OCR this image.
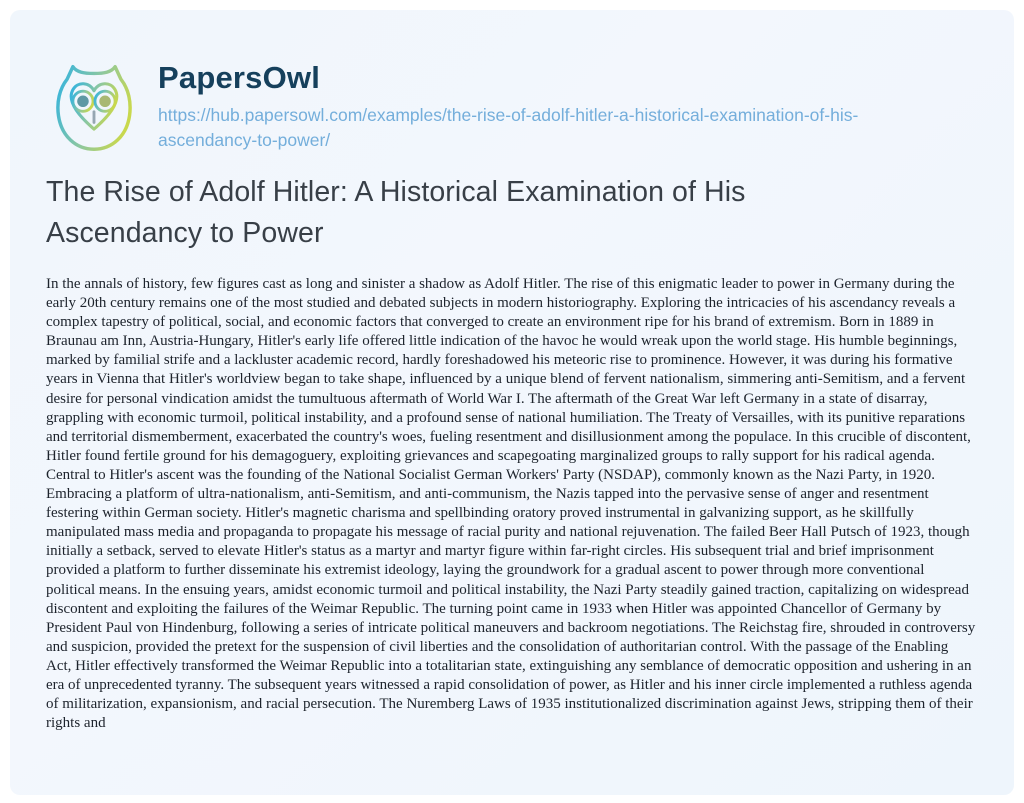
PapersOwl
https://hub.papersowl.com/examples/the-rise-of-adolf-hitler-a-historical-examination-of-his-ascendancy-to-power/
The Rise of Adolf Hitler: A Historical Examination of His Ascendancy to Power

In the annals of history, few figures cast as long and sinister a shadow as Adolf Hitler. The rise of this enigmatic leader to power in Germany during the early 20th century remains one of the most studied and debated subjects in modern historiography. Exploring the intricacies of his ascendancy reveals a complex tapestry of political, social, and economic factors that converged to create an environment ripe for his brand of extremism. Born in 1889 in Braunau am Inn, Austria-Hungary, Hitler's early life offered little indication of the havoc he would wreak upon the world stage. His humble beginnings, marked by familial strife and a lackluster academic record, hardly foreshadowed his meteoric rise to prominence. However, it was during his formative years in Vienna that Hitler's worldview began to take shape, influenced by a unique blend of fervent nationalism, simmering anti-Semitism, and a fervent desire for personal vindication amidst the tumultuous aftermath of World War I. The aftermath of the Great War left Germany in a state of disarray, grappling with economic turmoil, political instability, and a profound sense of national humiliation. The Treaty of Versailles, with its punitive reparations and territorial dismemberment, exacerbated the country's woes, fueling resentment and disillusionment among the populace. In this crucible of discontent, Hitler found fertile ground for his demagoguery, exploiting grievances and scapegoating marginalized groups to rally support for his radical agenda. Central to Hitler's ascent was the founding of the National Socialist German Workers' Party (NSDAP), commonly known as the Nazi Party, in 1920. Embracing a platform of ultra-nationalism, anti-Semitism, and anti-communism, the Nazis tapped into the pervasive sense of anger and resentment festering within German society. Hitler's magnetic charisma and spellbinding oratory proved instrumental in galvanizing support, as he skillfully manipulated mass media and propaganda to propagate his message of racial purity and national rejuvenation. The failed Beer Hall Putsch of 1923, though initially a setback, served to elevate Hitler's status as a martyr and martyr figure within far-right circles. His subsequent trial and brief imprisonment provided a platform to further disseminate his extremist ideology, laying the groundwork for a gradual ascent to power through more conventional political means. In the ensuing years, amidst economic turmoil and political instability, the Nazi Party steadily gained traction, capitalizing on widespread discontent and exploiting the failures of the Weimar Republic. The turning point came in 1933 when Hitler was appointed Chancellor of Germany by President Paul von Hindenburg, following a series of intricate political maneuvers and backroom negotiations. The Reichstag fire, shrouded in controversy and suspicion, provided the pretext for the suspension of civil liberties and the consolidation of authoritarian control. With the passage of the Enabling Act, Hitler effectively transformed the Weimar Republic into a totalitarian state, extinguishing any semblance of democratic opposition and ushering in an era of unprecedented tyranny. The subsequent years witnessed a rapid consolidation of power, as Hitler and his inner circle implemented a ruthless agenda of militarization, expansionism, and racial persecution. The Nuremberg Laws of 1935 institutionalized discrimination against Jews, stripping them of their rights and
